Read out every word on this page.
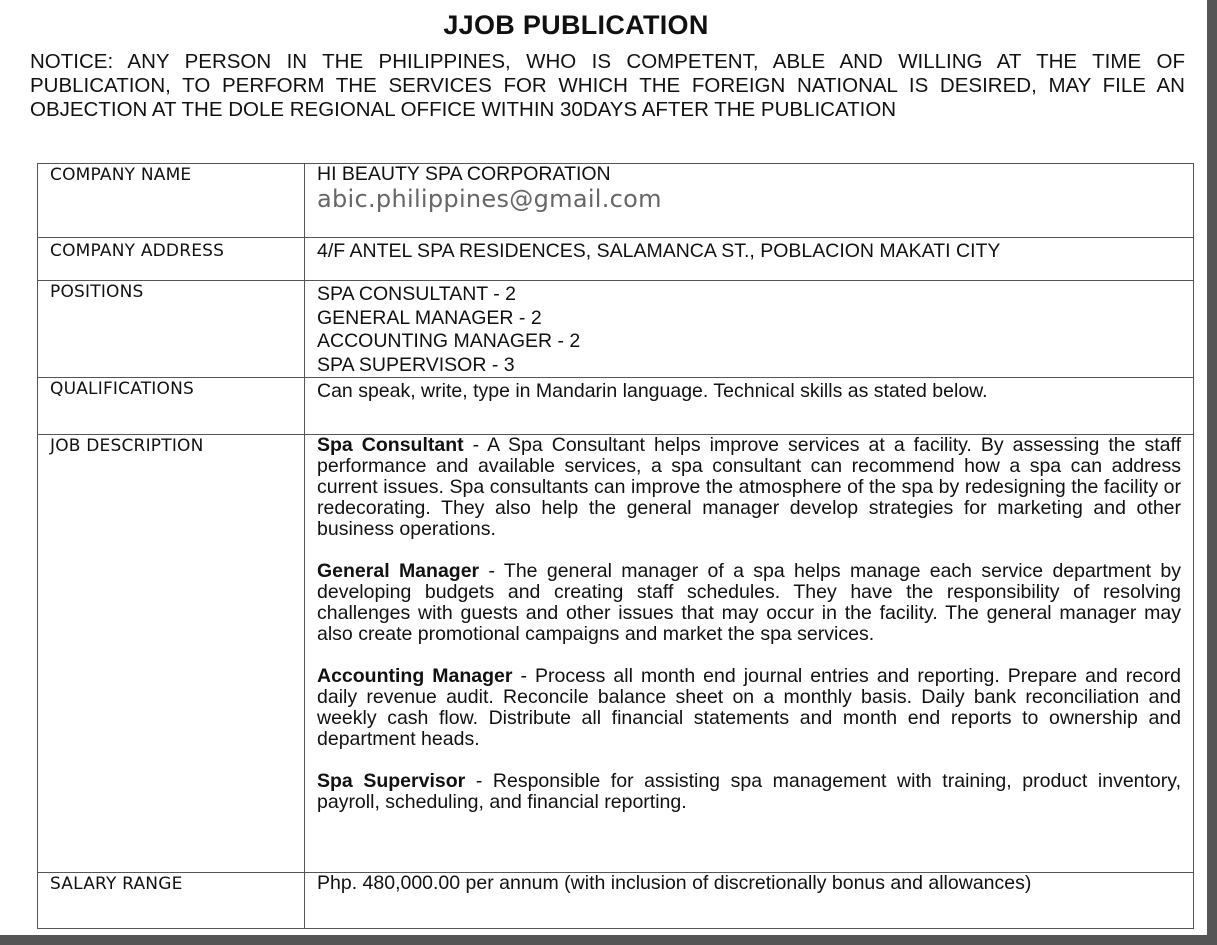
JJOB PUBLICATION
NOTICE: ANY PERSON IN THE PHILIPPINES, WHO IS COMPETENT, ABLE AND WILLING AT THE TIME OF PUBLICATION, TO PERFORM THE SERVICES FOR WHICH THE FOREIGN NATIONAL IS DESIRED, MAY FILE AN OBJECTION AT THE DOLE REGIONAL OFFICE WITHIN 30DAYS AFTER THE PUBLICATION
COMPANY NAME	HI BEAUTY SPA CORPORATION
abic.philippines@gmail.com

COMPANY ADDRESS	4/F ANTEL SPA RESIDENCES, SALAMANCA ST., POBLACION MAKATI CITY
POSITIONS	SPA CONSULTANT - 2
GENERAL MANAGER - 2
ACCOUNTING MANAGER - 2
SPA SUPERVISOR - 3

QUALIFICATIONS	Can speak, write, type in Mandarin language. Technical skills as stated below.
JOB DESCRIPTION	Spa Consultant - A Spa Consultant helps improve services at a facility. By assessing the staff performance and available services, a spa consultant can recommend how a spa can address current issues. Spa consultants can improve the atmosphere of the spa by redesigning the facility or redecorating. They also help the general manager develop strategies for marketing and other business operations.

General Manager - The general manager of a spa helps manage each service department by developing budgets and creating staff schedules. They have the responsibility of resolving challenges with guests and other issues that may occur in the facility. The general manager may also create promotional campaigns and market the spa services.

Accounting Manager - Process all month end journal entries and reporting. Prepare and record daily revenue audit. Reconcile balance sheet on a monthly basis. Daily bank reconciliation and weekly cash flow. Distribute all financial statements and month end reports to ownership and department heads.

Spa Supervisor - Responsible for assisting spa management with training, product inventory, payroll, scheduling, and financial reporting.

SALARY RANGE	Php. 480,000.00 per annum (with inclusion of discretionally bonus and allowances)
